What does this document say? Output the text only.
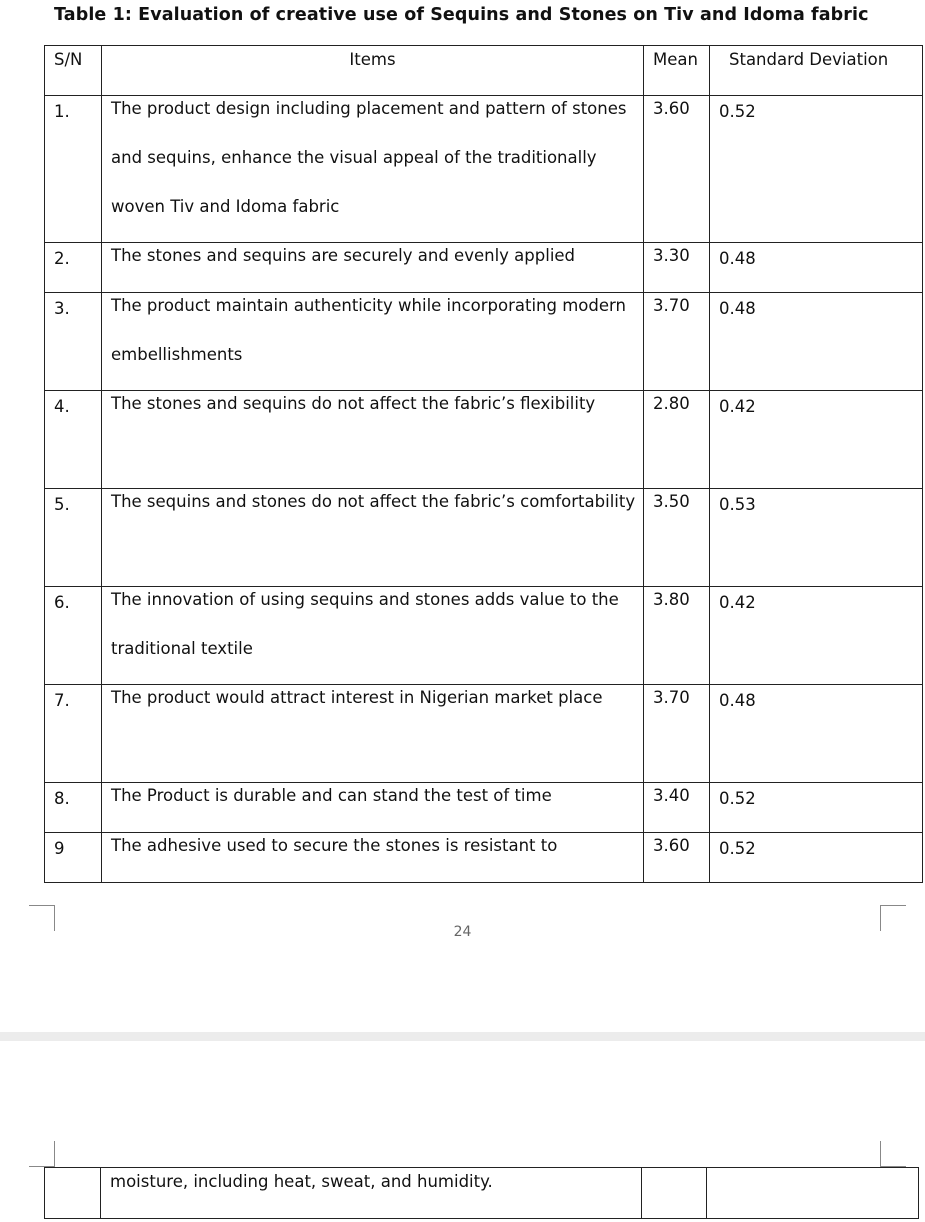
Table 1: Evaluation of creative use of Sequins and Stones on Tiv and Idoma fabric
S/N	Items	Mean	Standard Deviation

1.	The product design including placement and pattern of stones and sequins, enhance the visual appeal of the traditionally woven Tiv and Idoma fabric	3.60	0.52

2.	The stones and sequins are securely and evenly applied	3.30	0.48

3.	The product maintain authenticity while incorporating modern embellishments	3.70	0.48

4.	The stones and sequins do not affect the fabric’s flexibility	2.80	0.42

5.	The sequins and stones do not affect the fabric’s comfortability	3.50	0.53

6.	The innovation of using sequins and stones adds value to the traditional textile	3.80	0.42

7.	The product would attract interest in Nigerian market place	3.70	0.48

8.	The Product is durable and can stand the test of time	3.40	0.52

9	The adhesive used to secure the stones is resistant to	3.60	0.52
24

moisture, including heat, sweat, and humidity.
